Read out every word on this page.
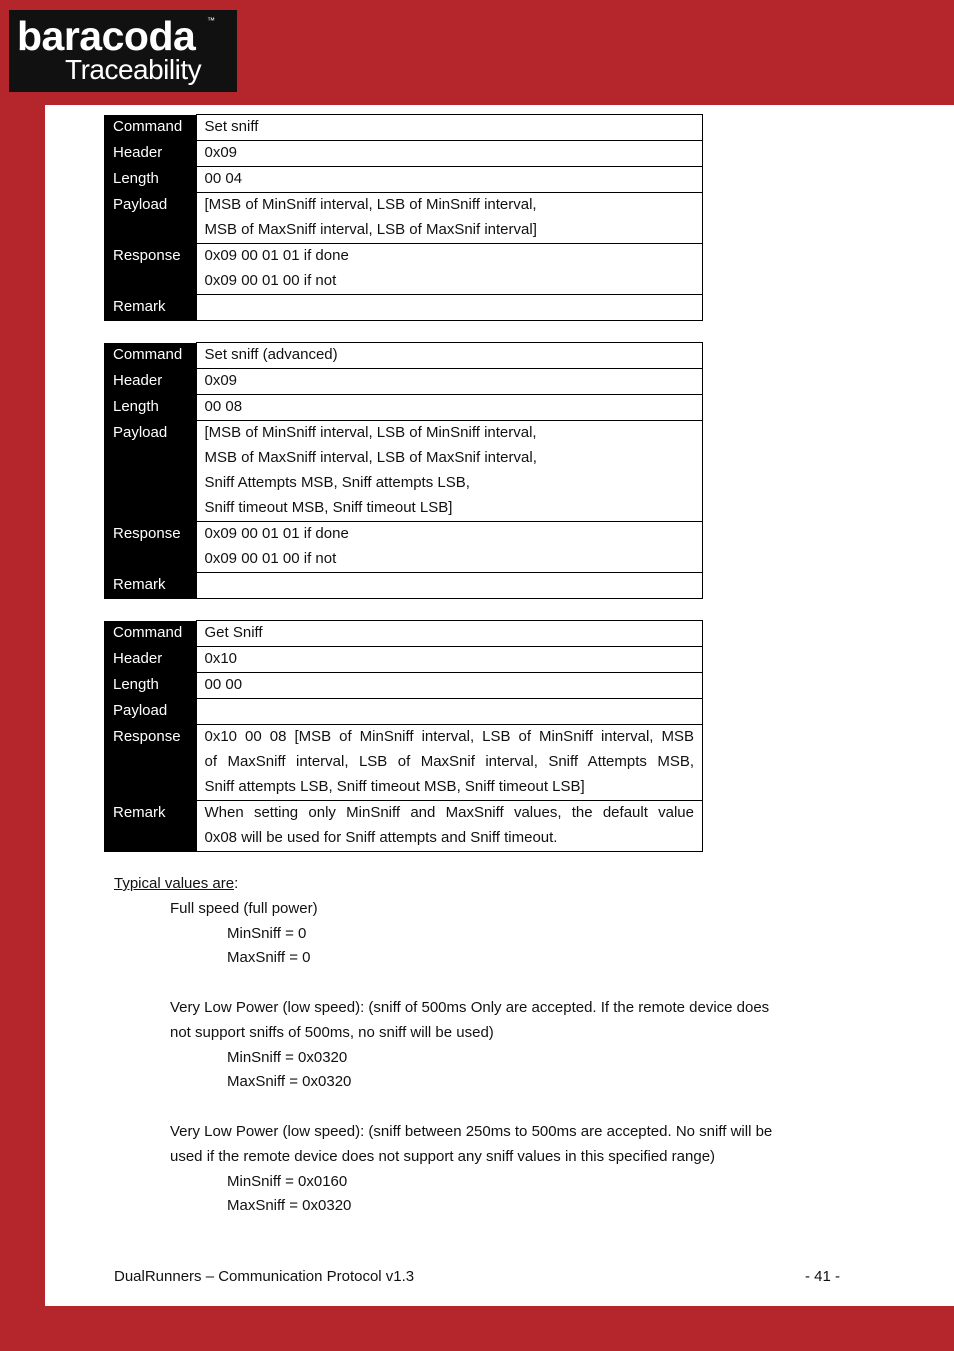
baracoda ™
Traceability
Command	Set sniff

Header	0x09

Length	00 04

Payload	[MSB of MinSniff interval, LSB of MinSniff interval,
MSB of MaxSniff interval, LSB of MaxSnif interval]

Response	0x09 00 01 01 if done
0x09 00 01 00 if not

Remark	

Command	Set sniff (advanced)

Header	0x09

Length	00 08

Payload	[MSB of MinSniff interval, LSB of MinSniff interval,
MSB of MaxSniff interval, LSB of MaxSnif interval,
Sniff Attempts MSB, Sniff attempts LSB,
Sniff timeout MSB, Sniff timeout LSB]

Response	0x09 00 01 01 if done
0x09 00 01 00 if not

Remark	

Command	Get Sniff

Header	0x10

Length	00 00

Payload	

Response	0x10 00 08 [MSB of MinSniff interval, LSB of MinSniff interval, MSB
of MaxSniff interval, LSB of MaxSnif interval, Sniff Attempts MSB,
Sniff attempts LSB, Sniff timeout MSB, Sniff timeout LSB]

Remark	When setting only MinSniff and MaxSniff values, the default value
0x08 will be used for Sniff attempts and Sniff timeout.
Typical values are:
Full speed (full power)
MinSniff = 0
MaxSniff = 0
Very Low Power (low speed): (sniff of 500ms Only are accepted. If the remote device does
not support sniffs of 500ms, no sniff will be used)
MinSniff = 0x0320
MaxSniff = 0x0320
Very Low Power (low speed): (sniff between 250ms to 500ms are accepted. No sniff will be
used if the remote device does not support any sniff values in this specified range)
MinSniff = 0x0160
MaxSniff = 0x0320
DualRunners – Communication Protocol v1.3	- 41 -
